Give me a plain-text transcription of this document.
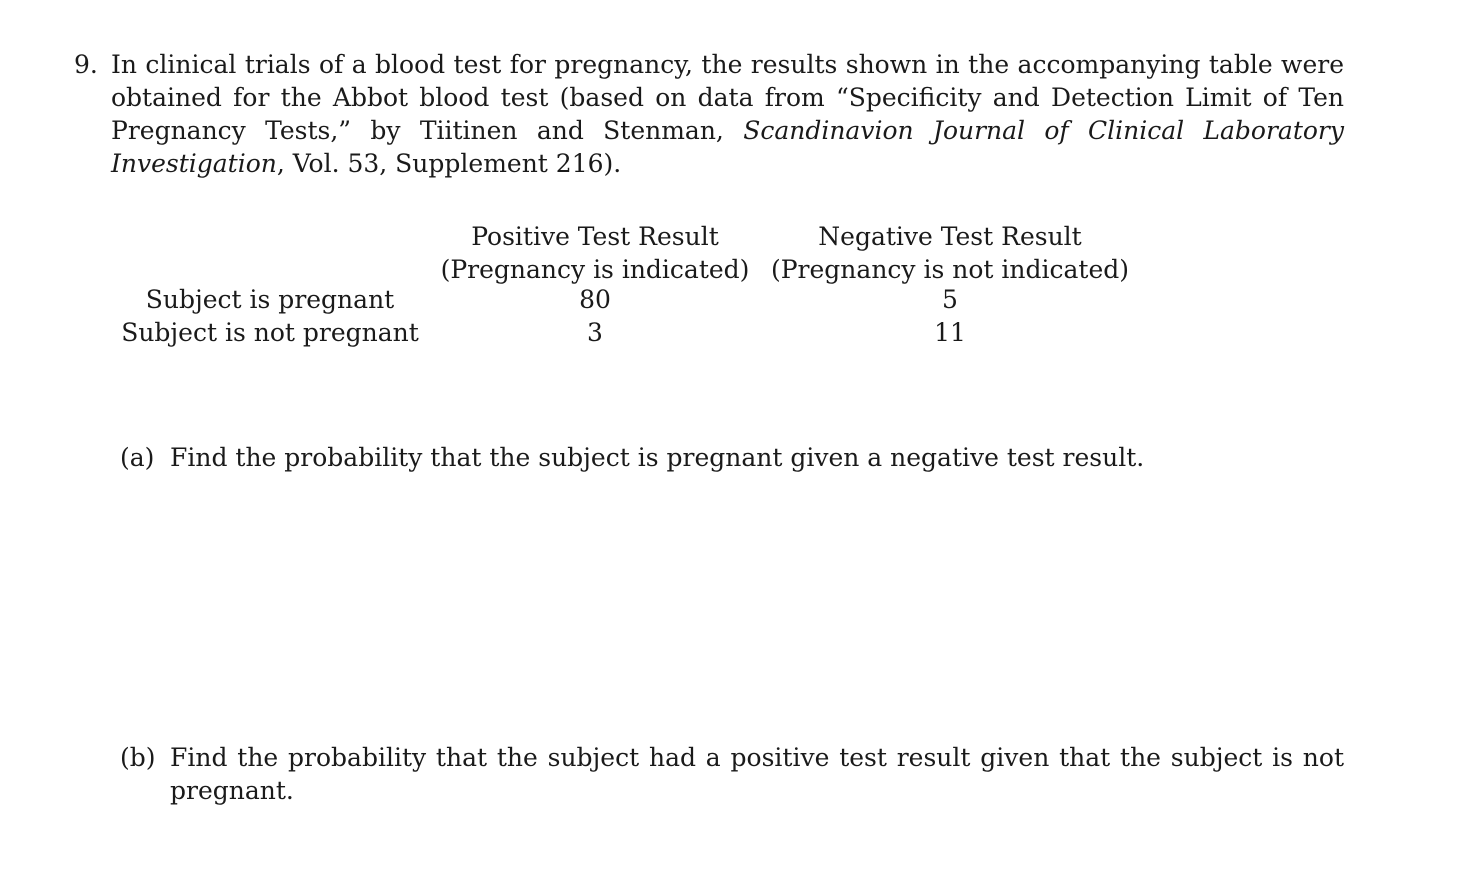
9. In clinical trials of a blood test for pregnancy, the results shown in the accompanying table were obtained for the Abbot blood test (based on data from “Specificity and Detection Limit of Ten Pregnancy Tests,” by Tiitinen and Stenman, Scandinavion Journal of Clinical Laboratory Investigation, Vol. 53, Supplement 216).
	Positive Test Result	Negative Test Result
	(Pregnancy is indicated)	(Pregnancy is not indicated)
Subject is pregnant	80	5
Subject is not pregnant	3	11
(a) Find the probability that the subject is pregnant given a negative test result.
(b) Find the probability that the subject had a positive test result given that the subject is not pregnant.
